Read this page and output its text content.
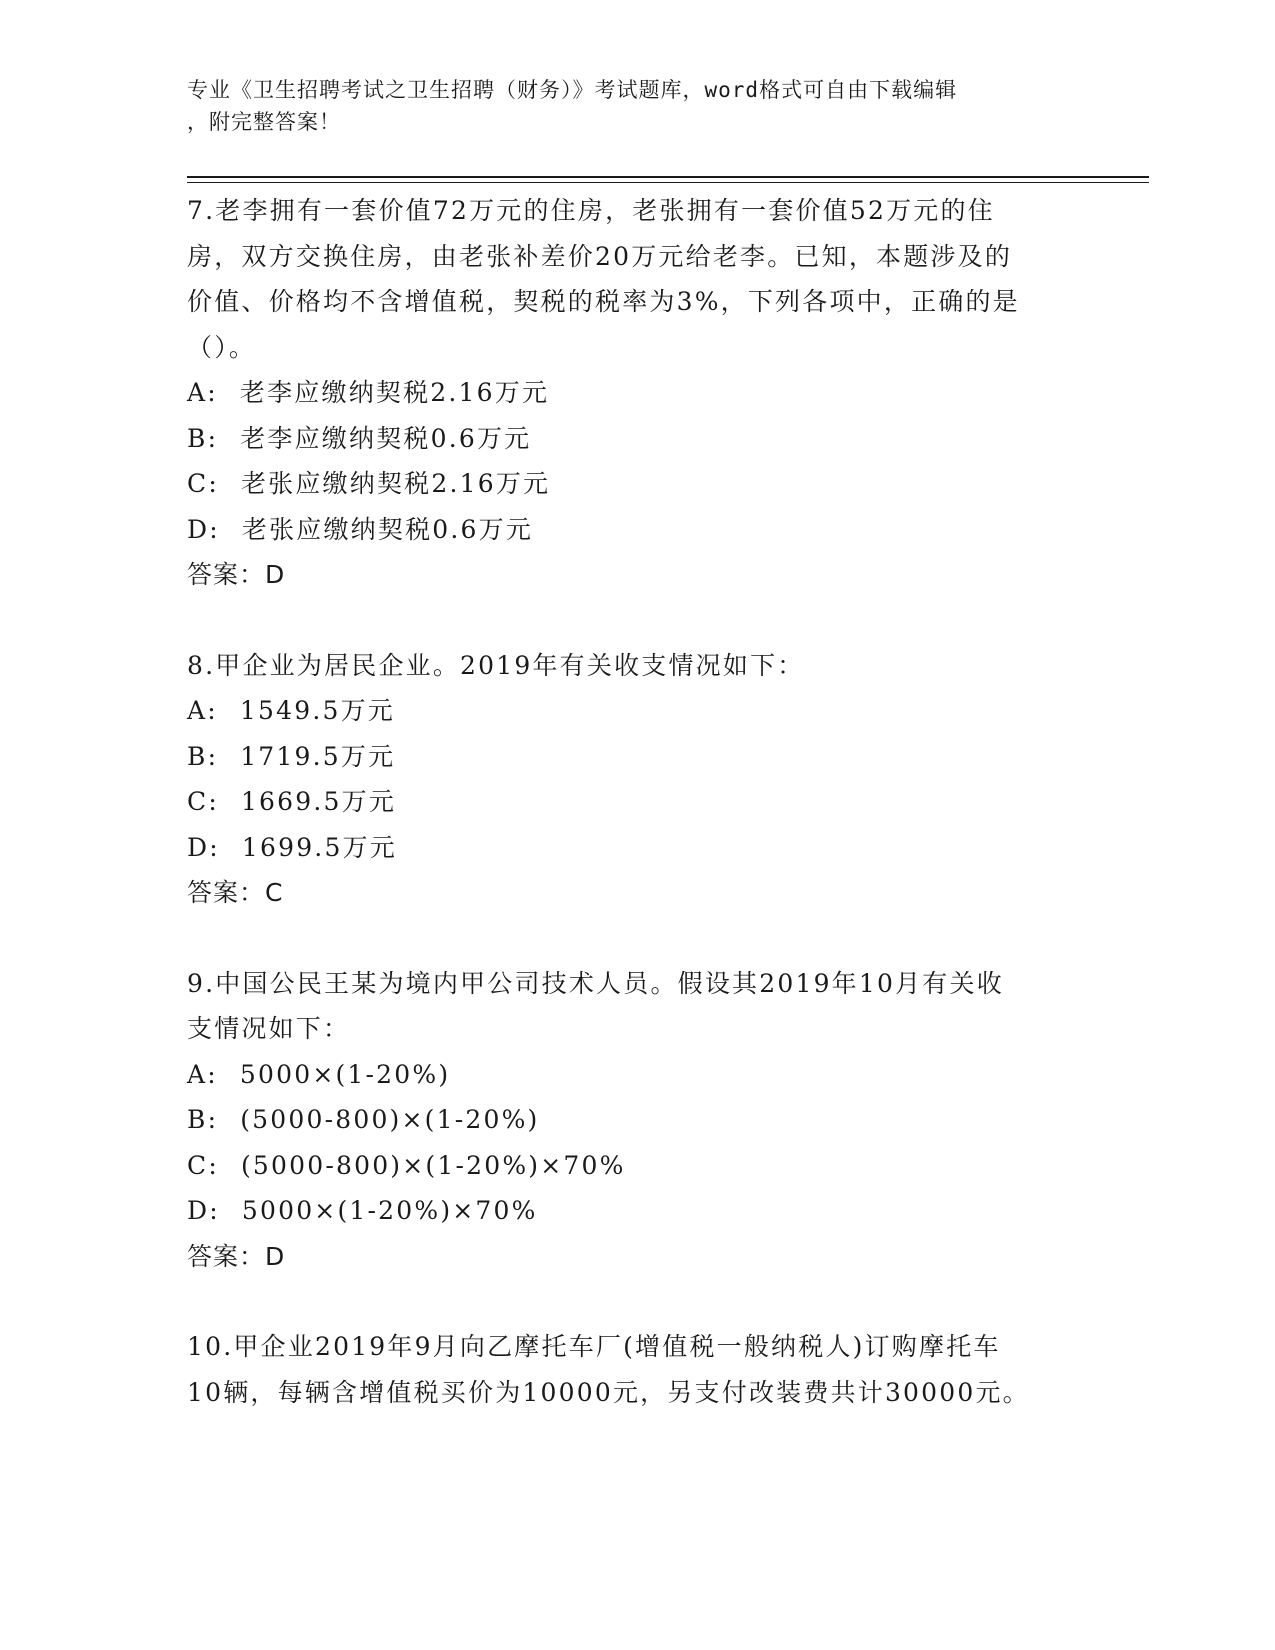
专业《卫生招聘考试之卫生招聘（财务）》考试题库，word格式可自由下载编辑
，附完整答案！

7.老李拥有一套价值72万元的住房，老张拥有一套价值52万元的住

房，双方交换住房，由老张补差价20万元给老李。已知，本题涉及的

价值、价格均不含增值税，契税的税率为3%，下列各项中，正确的是

（）。

A: 老李应缴纳契税2.16万元

B: 老李应缴纳契税0.6万元

C: 老张应缴纳契税2.16万元

D: 老张应缴纳契税0.6万元

答案：D

8.甲企业为居民企业。2019年有关收支情况如下：

A: 1549.5万元

B: 1719.5万元

C: 1669.5万元

D: 1699.5万元

答案：C

9.中国公民王某为境内甲公司技术人员。假设其2019年10月有关收

支情况如下：

A: 5000×(1-20%)

B: (5000-800)×(1-20%)

C: (5000-800)×(1-20%)×70%

D: 5000×(1-20%)×70%

答案：D

10.甲企业2019年9月向乙摩托车厂(增值税一般纳税人)订购摩托车

10辆，每辆含增值税买价为10000元，另支付改装费共计30000元。
